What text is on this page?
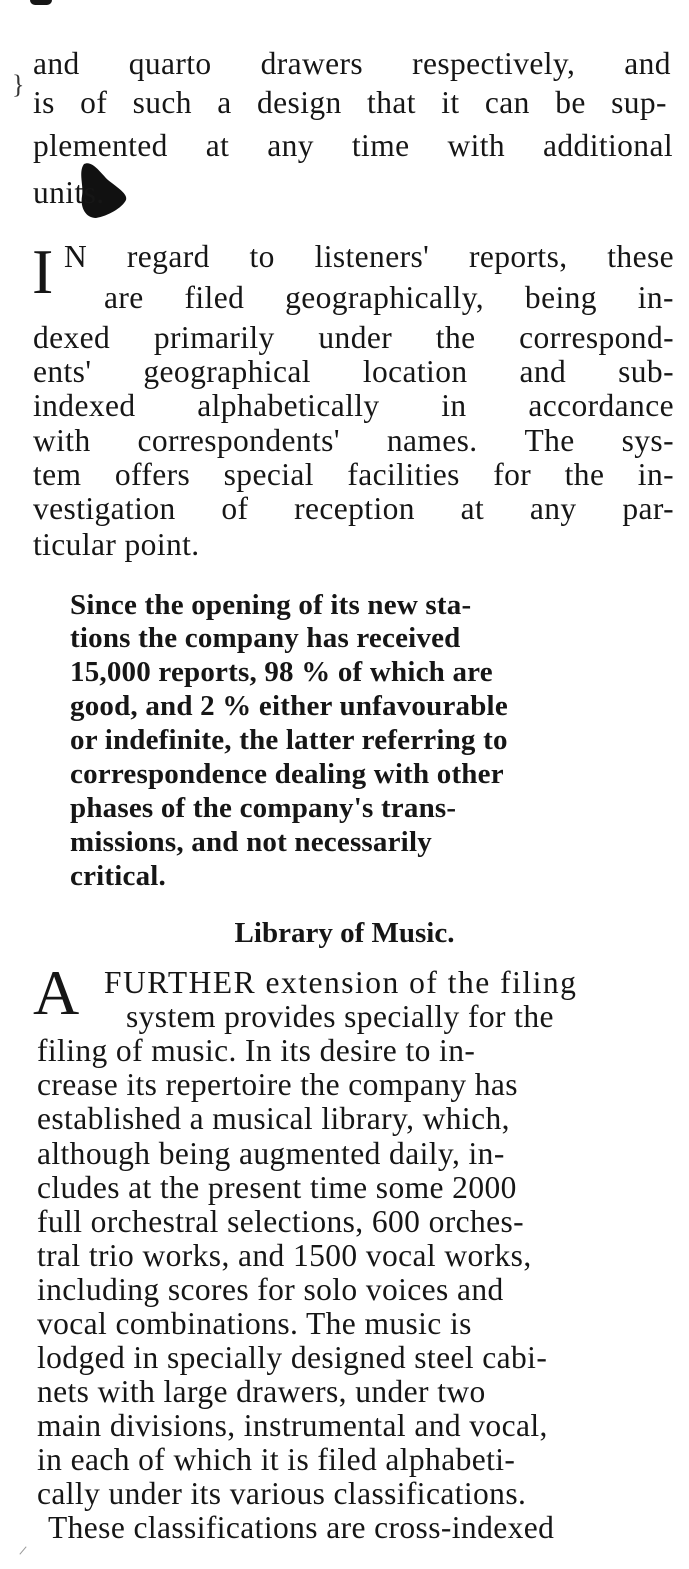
}
and quarto drawers respectively, and
is of such a design that it can be sup-
plemented at any time with additional
units.
I N regard to listeners' reports, these
are filed geographically, being in-
dexed primarily under the correspond-
ents' geographical location and sub-
indexed alphabetically in accordance
with correspondents' names. The sys-
tem offers special facilities for the in-
vestigation of reception at any par-
ticular point.
Since the opening of its new sta-
tions the company has received
15,000 reports, 98 % of which are
good, and 2 % either unfavourable
or indefinite, the latter referring to
correspondence dealing with other
phases of the company's trans-
missions, and not necessarily
critical.
Library of Music.
A FURTHER extension of the filing
system provides specially for the
filing of music. In its desire to in-
crease its repertoire the company has
established a musical library, which,
although being augmented daily, in-
cludes at the present time some 2000
full orchestral selections, 600 orches-
tral trio works, and 1500 vocal works,
including scores for solo voices and
vocal combinations. The music is
lodged in specially designed steel cabi-
nets with large drawers, under two
main divisions, instrumental and vocal,
in each of which it is filed alphabeti-
cally under its various classifications.
These classifications are cross-indexed
